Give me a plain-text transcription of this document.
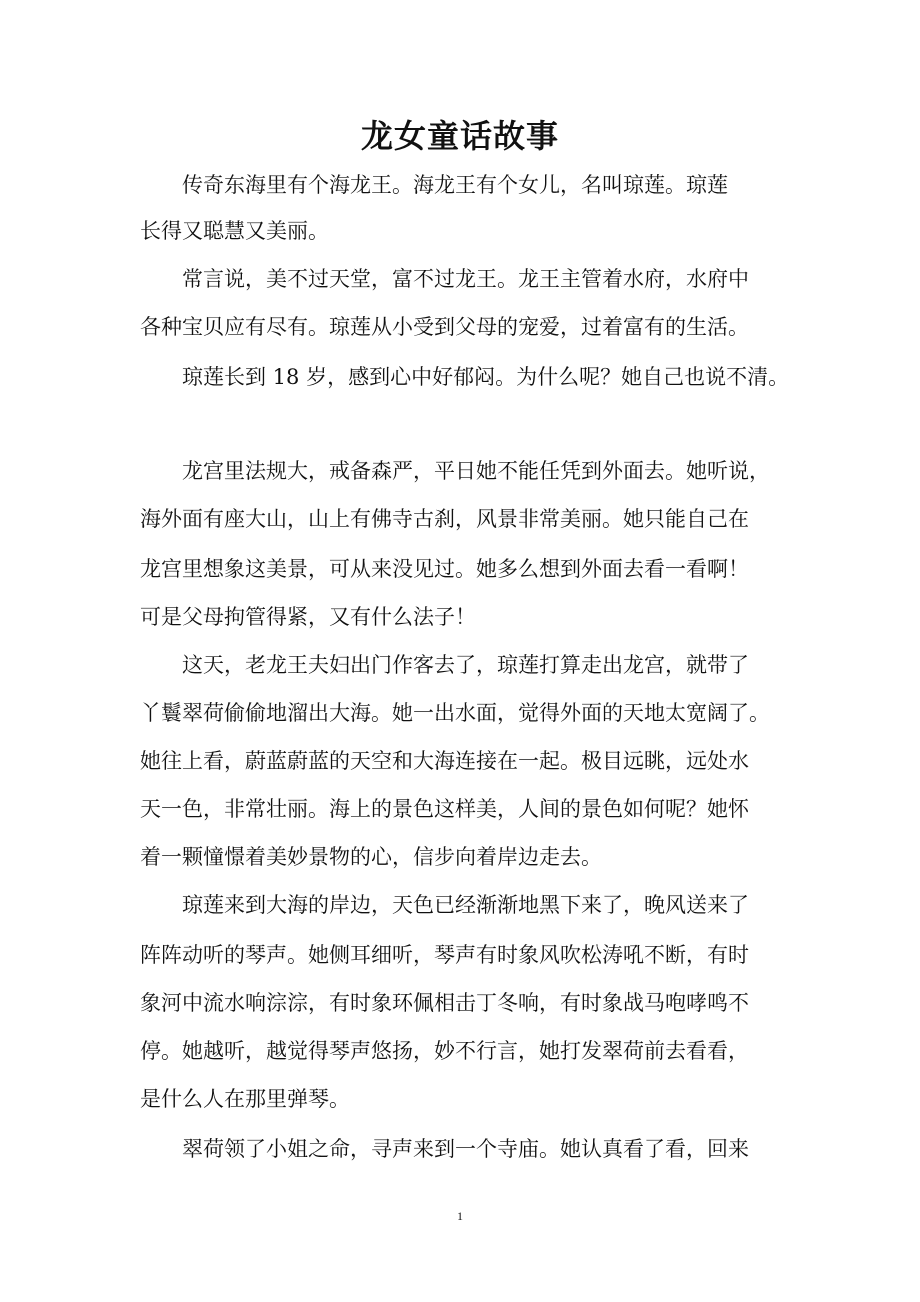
龙女童话故事
　　传奇东海里有个海龙王。海龙王有个女儿，名叫琼莲。琼莲
长得又聪慧又美丽。
　　常言说，美不过天堂，富不过龙王。龙王主管着水府，水府中
各种宝贝应有尽有。琼莲从小受到父母的宠爱，过着富有的生活。
　　琼莲长到 18 岁，感到心中好郁闷。为什么呢？她自己也说不清。
　　龙宫里法规大，戒备森严，平日她不能任凭到外面去。她听说，
海外面有座大山，山上有佛寺古刹，风景非常美丽。她只能自己在
龙宫里想象这美景，可从来没见过。她多么想到外面去看一看啊！
可是父母拘管得紧，又有什么法子！
　　这天，老龙王夫妇出门作客去了，琼莲打算走出龙宫，就带了
丫鬟翠荷偷偷地溜出大海。她一出水面，觉得外面的天地太宽阔了。
她往上看，蔚蓝蔚蓝的天空和大海连接在一起。极目远眺，远处水
天一色，非常壮丽。海上的景色这样美，人间的景色如何呢？她怀
着一颗憧憬着美妙景物的心，信步向着岸边走去。
　　琼莲来到大海的岸边，天色已经渐渐地黑下来了，晚风送来了
阵阵动听的琴声。她侧耳细听，琴声有时象风吹松涛吼不断，有时
象河中流水响淙淙，有时象环佩相击丁冬响，有时象战马咆哮鸣不
停。她越听，越觉得琴声悠扬，妙不行言，她打发翠荷前去看看，
是什么人在那里弹琴。
　　翠荷领了小姐之命，寻声来到一个寺庙。她认真看了看，回来
1
